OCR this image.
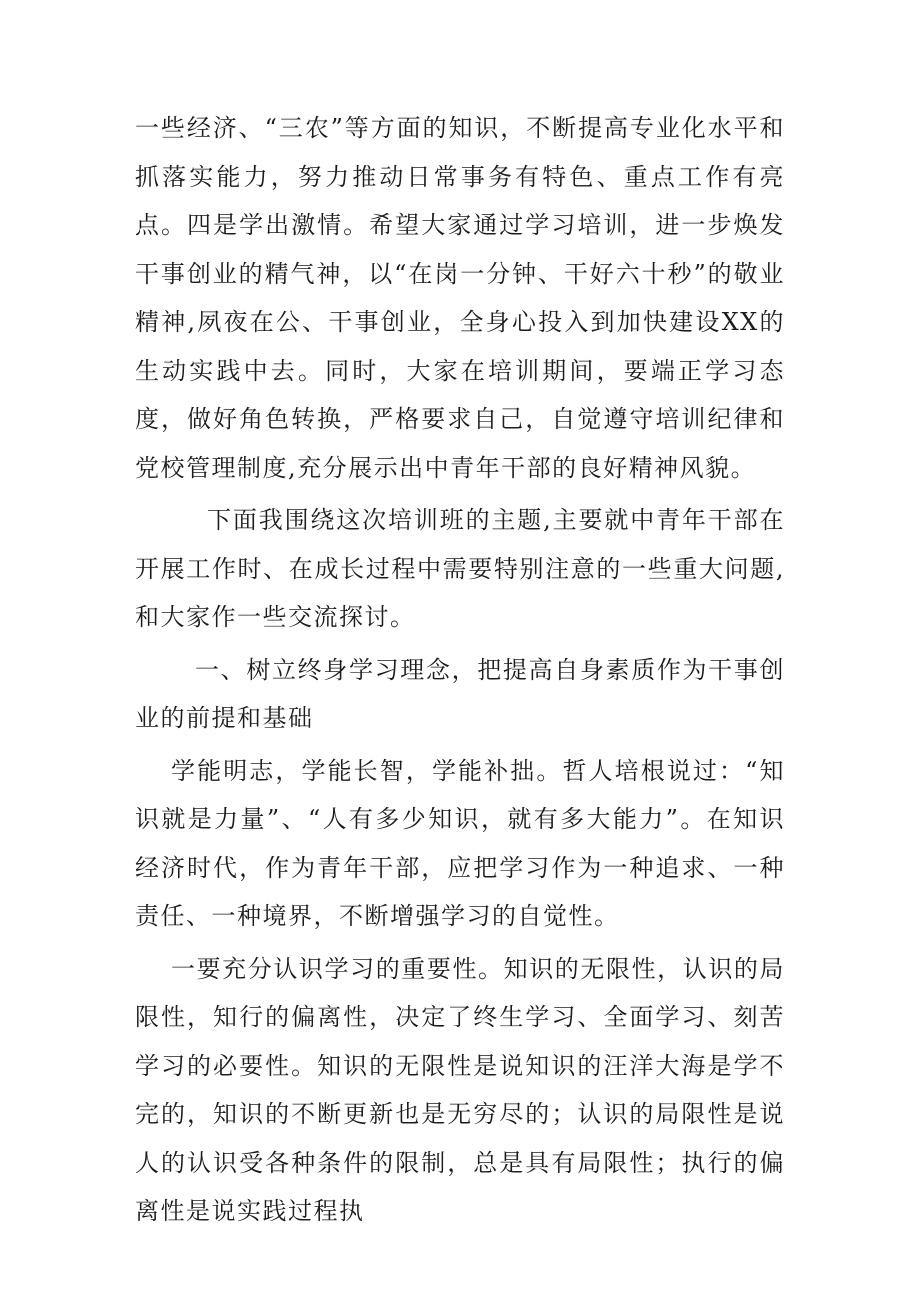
一些经济、“三农”等方面的知识，不断提高专业化水平和抓落实能力，努力推动日常事务有特色、重点工作有亮点。四是学出激情。希望大家通过学习培训，进一步焕发干事创业的精气神，以“在岗一分钟、干好六十秒”的敬业精神,夙夜在公、干事创业，全身心投入到加快建设XX的生动实践中去。同时，大家在培训期间，要端正学习态度，做好角色转换，严格要求自己，自觉遵守培训纪律和党校管理制度,充分展示出中青年干部的良好精神风貌。

下面我围绕这次培训班的主题,主要就中青年干部在开展工作时、在成长过程中需要特别注意的一些重大问题,和大家作一些交流探讨。

一、树立终身学习理念，把提高自身素质作为干事创业的前提和基础

学能明志，学能长智，学能补拙。哲人培根说过：“知识就是力量”、“人有多少知识，就有多大能力”。在知识经济时代，作为青年干部，应把学习作为一种追求、一种责任、一种境界，不断增强学习的自觉性。

一要充分认识学习的重要性。知识的无限性，认识的局限性，知行的偏离性，决定了终生学习、全面学习、刻苦学习的必要性。知识的无限性是说知识的汪洋大海是学不完的，知识的不断更新也是无穷尽的；认识的局限性是说人的认识受各种条件的限制，总是具有局限性；执行的偏离性是说实践过程执
